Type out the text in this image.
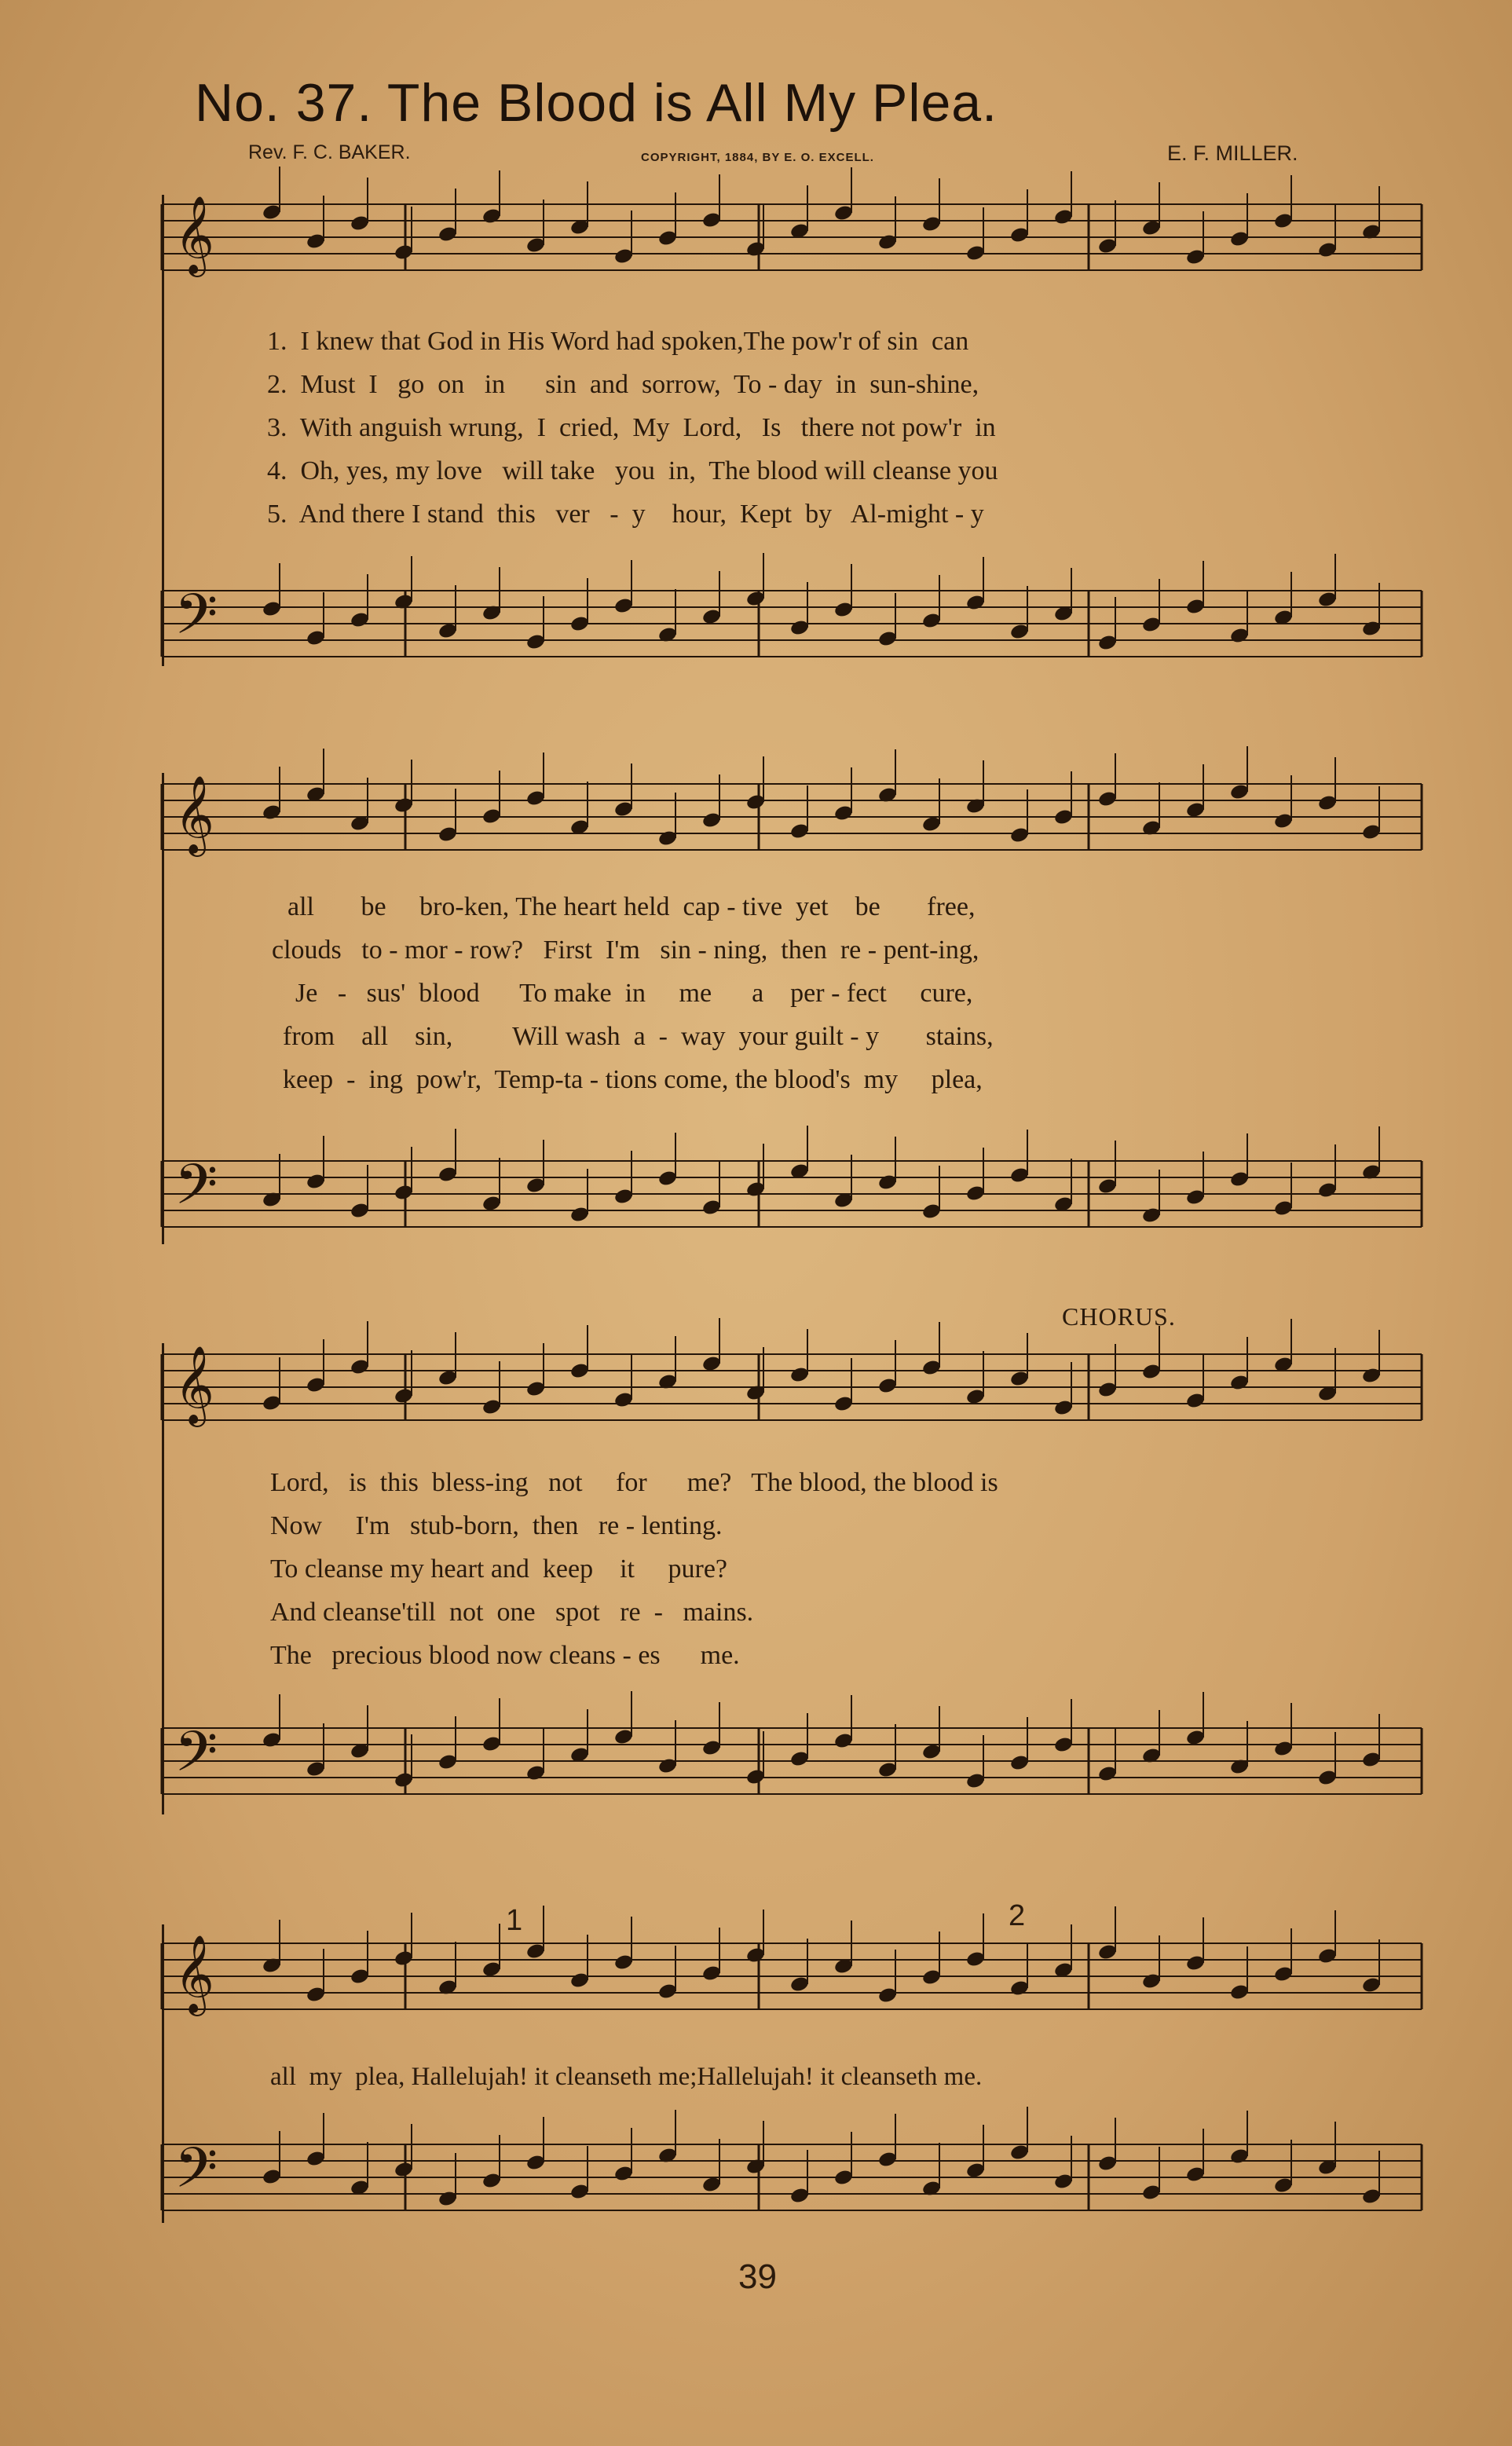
No. 37. The Blood is All My Plea.
Rev. F. C. BAKER.	COPYRIGHT, 1884, BY E. O. EXCELL.	E. F. MILLER.
𝄞
1.  I knew that God in His Word had spoken,The pow'r of sin  can
2.  Must  I   go  on   in      sin  and  sorrow,  To - day  in  sun-shine,
3.  With anguish wrung,  I  cried,  My  Lord,   Is   there not pow'r  in
4.  Oh, yes, my love   will take   you  in,  The blood will cleanse you
5.  And there I stand  this   ver   -  y    hour,  Kept  by   Al-might - y
𝄢
𝄞
all       be     bro-ken, The heart held  cap - tive  yet    be       free,
clouds   to - mor - row?   First  I'm   sin - ning,  then  re - pent-ing,
Je   -   sus'  blood      To make  in     me      a    per - fect     cure,
from    all    sin,         Will wash  a  -  way  your guilt - y       stains,
keep  -  ing  pow'r,  Temp-ta - tions come, the blood's  my     plea,
𝄢
CHORUS.
𝄞
Lord,   is  this  bless-ing   not     for      me?   The blood, the blood is
Now     I'm   stub-born,  then   re - lenting.
To cleanse my heart and  keep    it     pure?
And cleanse'till  not  one   spot   re  -   mains.
The   precious blood now cleans - es      me.
𝄢
1	2
𝄞
all  my  plea, Hallelujah! it cleanseth me;Hallelujah! it cleanseth me.
𝄢
39
